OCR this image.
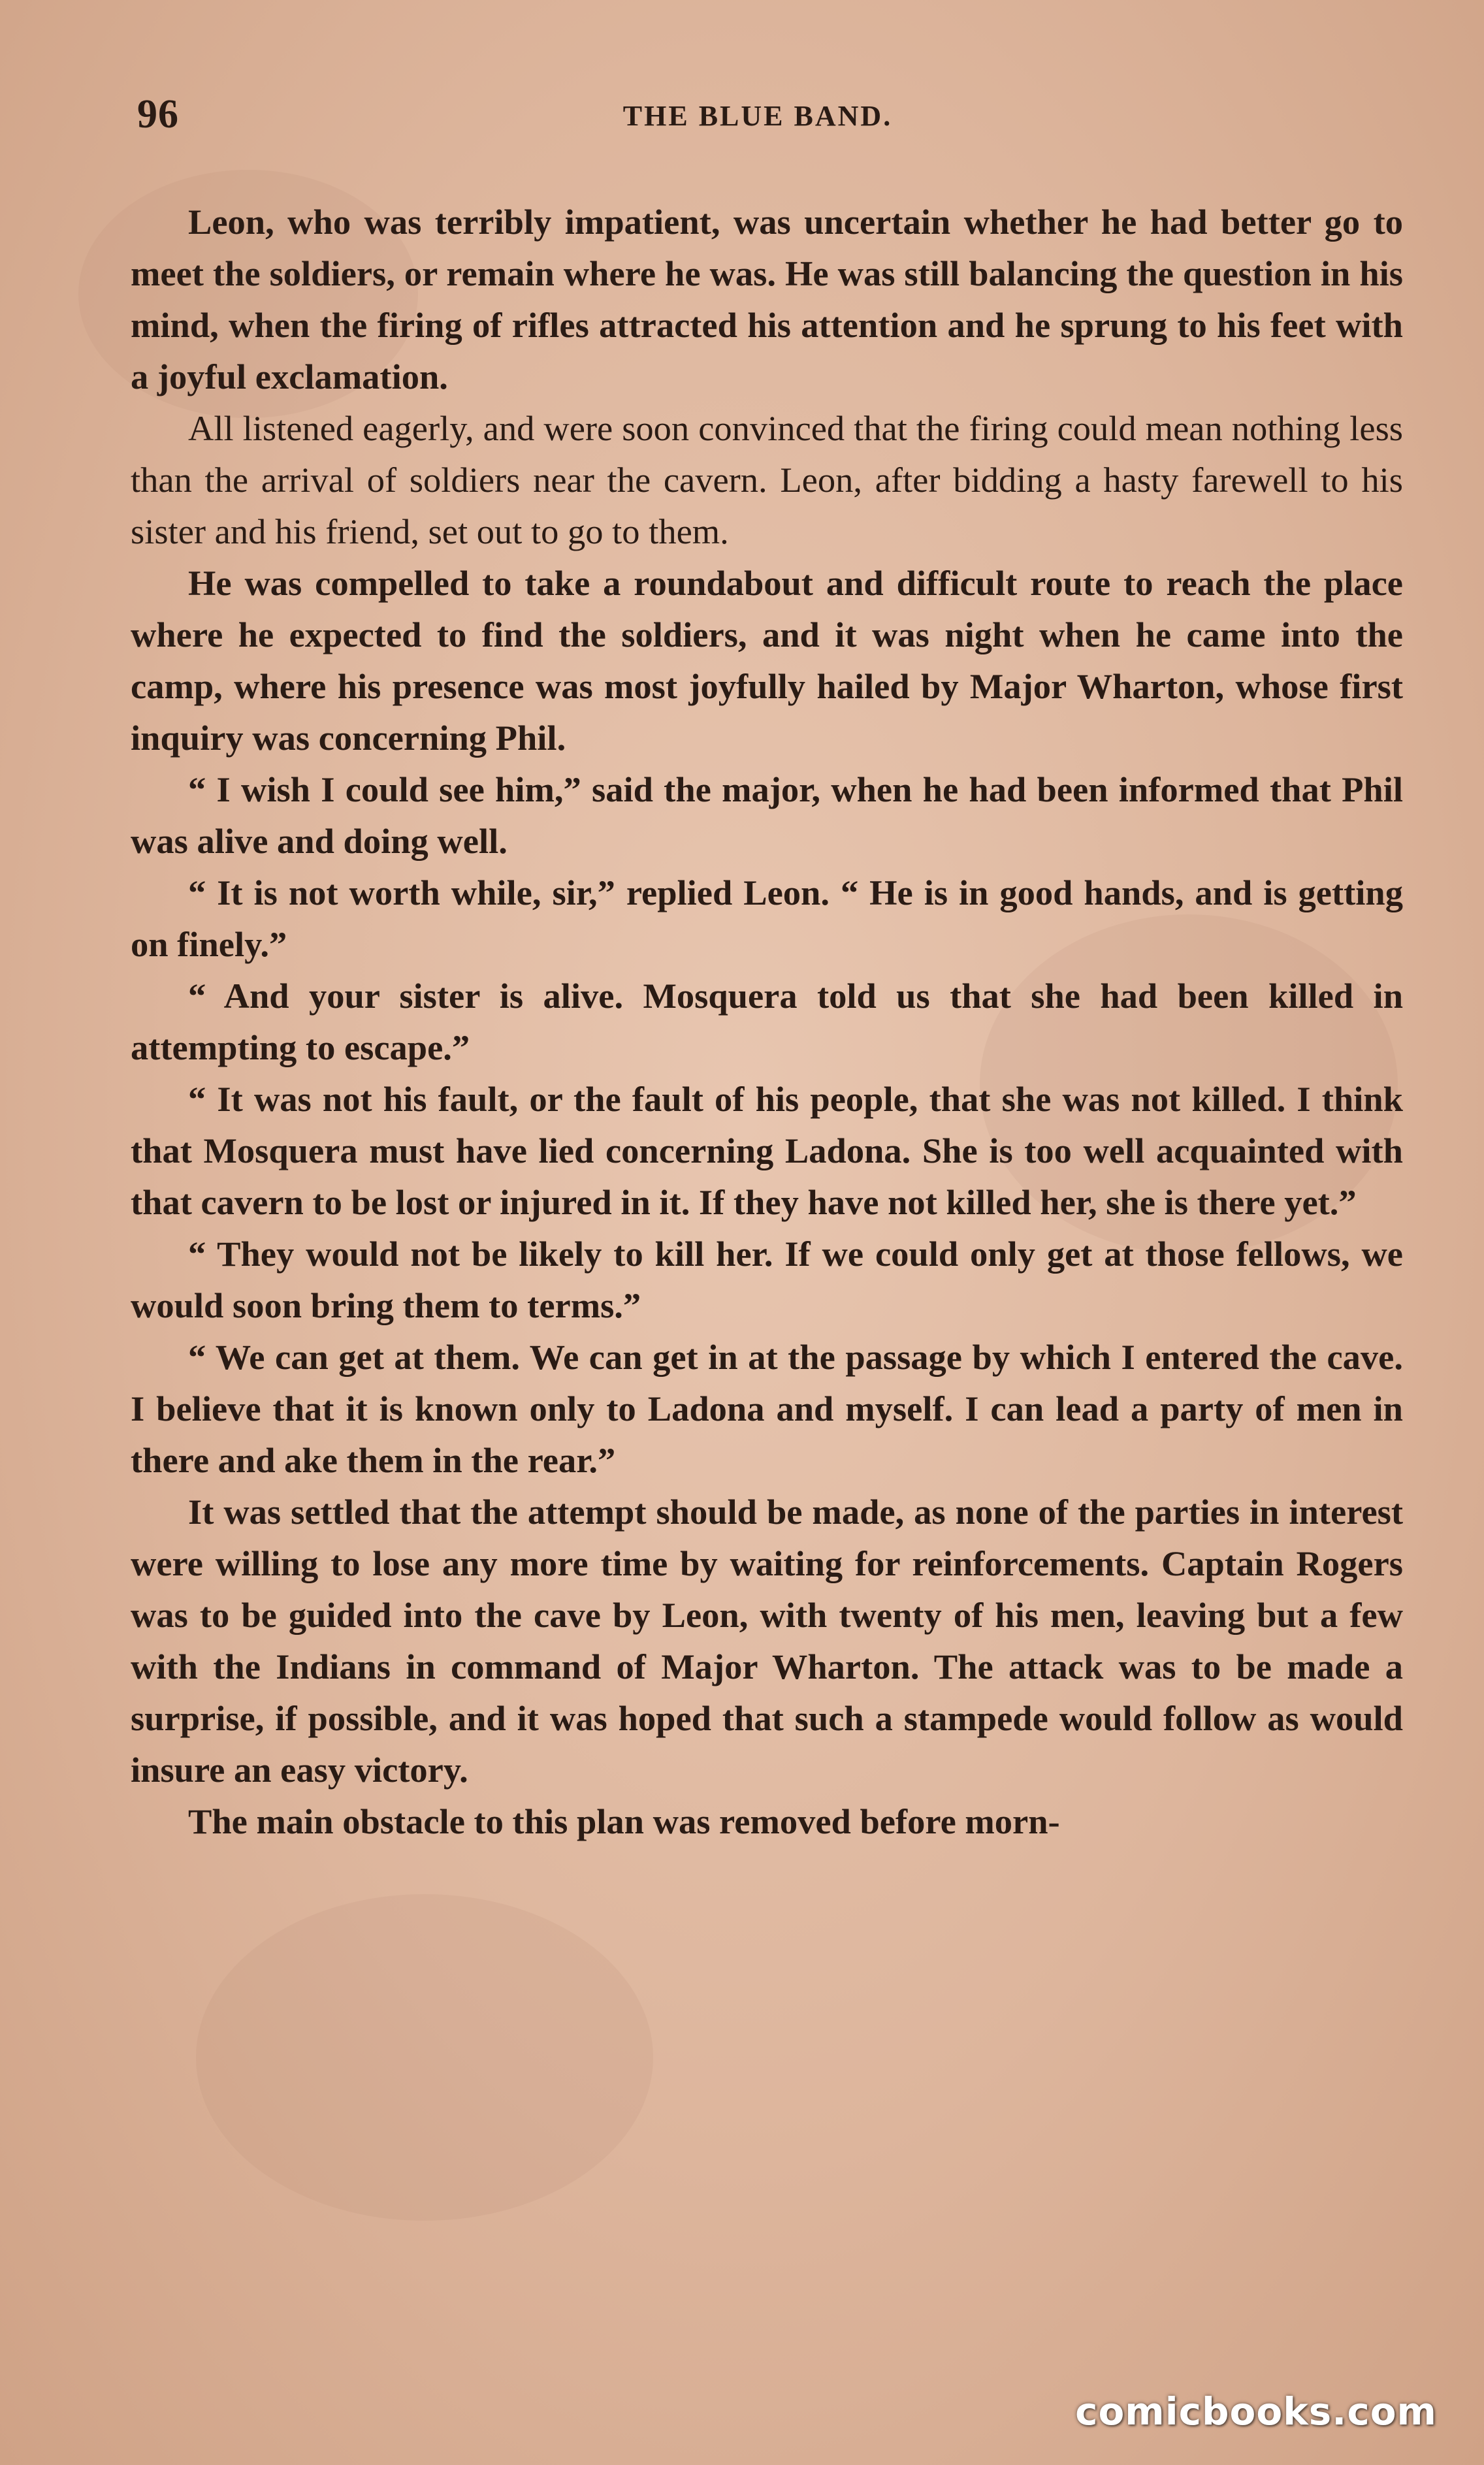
96	THE BLUE BAND.

Leon, who was terribly impatient, was uncertain whether he had better go to meet the soldiers, or remain where he was. He was still balancing the question in his mind, when the firing of rifles attracted his attention and he sprung to his feet with a joyful exclamation.

All listened eagerly, and were soon convinced that the firing could mean nothing less than the arrival of soldiers near the cavern. Leon, after bidding a hasty farewell to his sister and his friend, set out to go to them.

He was compelled to take a roundabout and difficult route to reach the place where he expected to find the soldiers, and it was night when he came into the camp, where his presence was most joyfully hailed by Major Wharton, whose first inquiry was concerning Phil.

“ I wish I could see him,” said the major, when he had been informed that Phil was alive and doing well.

“ It is not worth while, sir,” replied Leon. “ He is in good hands, and is getting on finely.”

“ And your sister is alive. Mosquera told us that she had been killed in attempting to escape.”

“ It was not his fault, or the fault of his people, that she was not killed. I think that Mosquera must have lied concerning Ladona. She is too well acquainted with that cavern to be lost or injured in it. If they have not killed her, she is there yet.”

“ They would not be likely to kill her. If we could only get at those fellows, we would soon bring them to terms.”

“ We can get at them. We can get in at the passage by which I entered the cave. I believe that it is known only to Ladona and myself. I can lead a party of men in there and ake them in the rear.”

It was settled that the attempt should be made, as none of the parties in interest were willing to lose any more time by waiting for reinforcements. Captain Rogers was to be guided into the cave by Leon, with twenty of his men, leaving but a few with the Indians in command of Major Wharton. The attack was to be made a surprise, if possible, and it was hoped that such a stampede would follow as would insure an easy victory.

The main obstacle to this plan was removed before morn-

comicbooks.com
